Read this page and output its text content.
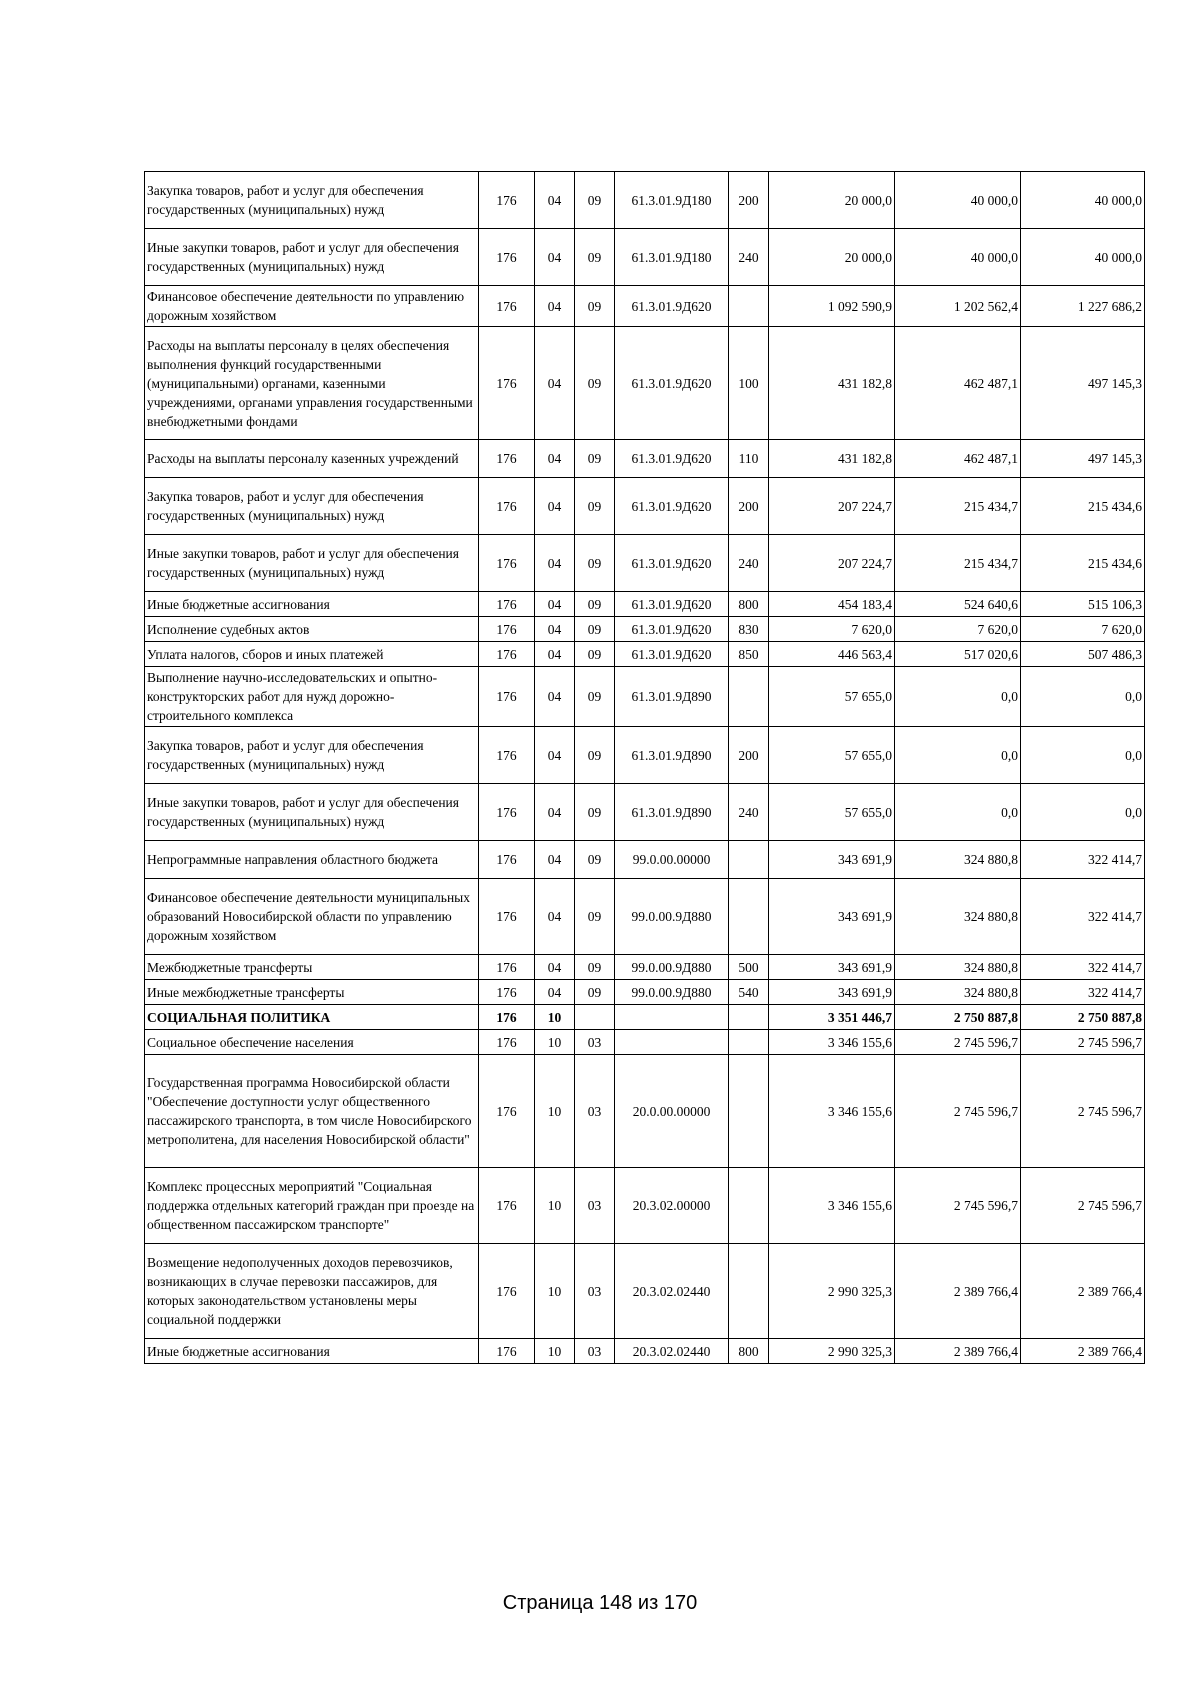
Закупка товаров, работ и услуг для обеспечения государственных (муниципальных) нужд	176	04	09	61.3.01.9Д180	200	20 000,0	40 000,0	40 000,0
Иные закупки товаров, работ и услуг для обеспечения государственных (муниципальных) нужд	176	04	09	61.3.01.9Д180	240	20 000,0	40 000,0	40 000,0
Финансовое обеспечение деятельности по управлению дорожным хозяйством	176	04	09	61.3.01.9Д620		1 092 590,9	1 202 562,4	1 227 686,2
Расходы на выплаты персоналу в целях обеспечения выполнения функций государственными (муниципальными) органами, казенными учреждениями, органами управления государственными внебюджетными фондами	176	04	09	61.3.01.9Д620	100	431 182,8	462 487,1	497 145,3
Расходы на выплаты персоналу казенных учреждений	176	04	09	61.3.01.9Д620	110	431 182,8	462 487,1	497 145,3
Закупка товаров, работ и услуг для обеспечения государственных (муниципальных) нужд	176	04	09	61.3.01.9Д620	200	207 224,7	215 434,7	215 434,6
Иные закупки товаров, работ и услуг для обеспечения государственных (муниципальных) нужд	176	04	09	61.3.01.9Д620	240	207 224,7	215 434,7	215 434,6
Иные бюджетные ассигнования	176	04	09	61.3.01.9Д620	800	454 183,4	524 640,6	515 106,3
Исполнение судебных актов	176	04	09	61.3.01.9Д620	830	7 620,0	7 620,0	7 620,0
Уплата налогов, сборов и иных платежей	176	04	09	61.3.01.9Д620	850	446 563,4	517 020,6	507 486,3
Выполнение научно-исследовательских и опытно-конструкторских работ для нужд дорожно-строительного комплекса	176	04	09	61.3.01.9Д890		57 655,0	0,0	0,0
Закупка товаров, работ и услуг для обеспечения государственных (муниципальных) нужд	176	04	09	61.3.01.9Д890	200	57 655,0	0,0	0,0
Иные закупки товаров, работ и услуг для обеспечения государственных (муниципальных) нужд	176	04	09	61.3.01.9Д890	240	57 655,0	0,0	0,0
Непрограммные направления областного бюджета	176	04	09	99.0.00.00000		343 691,9	324 880,8	322 414,7
Финансовое обеспечение деятельности муниципальных образований Новосибирской области по управлению дорожным хозяйством	176	04	09	99.0.00.9Д880		343 691,9	324 880,8	322 414,7
Межбюджетные трансферты	176	04	09	99.0.00.9Д880	500	343 691,9	324 880,8	322 414,7
Иные межбюджетные трансферты	176	04	09	99.0.00.9Д880	540	343 691,9	324 880,8	322 414,7
СОЦИАЛЬНАЯ ПОЛИТИКА	176	10				3 351 446,7	2 750 887,8	2 750 887,8
Социальное обеспечение населения	176	10	03			3 346 155,6	2 745 596,7	2 745 596,7
Государственная программа Новосибирской области "Обеспечение доступности услуг общественного пассажирского транспорта, в том числе Новосибирского метрополитена, для населения Новосибирской области"	176	10	03	20.0.00.00000		3 346 155,6	2 745 596,7	2 745 596,7
Комплекс процессных мероприятий "Социальная поддержка отдельных категорий граждан при проезде на общественном пассажирском транспорте"	176	10	03	20.3.02.00000		3 346 155,6	2 745 596,7	2 745 596,7
Возмещение недополученных доходов перевозчиков, возникающих в случае перевозки пассажиров, для которых законодательством установлены меры социальной поддержки	176	10	03	20.3.02.02440		2 990 325,3	2 389 766,4	2 389 766,4
Иные бюджетные ассигнования	176	10	03	20.3.02.02440	800	2 990 325,3	2 389 766,4	2 389 766,4
Страница 148 из 170
